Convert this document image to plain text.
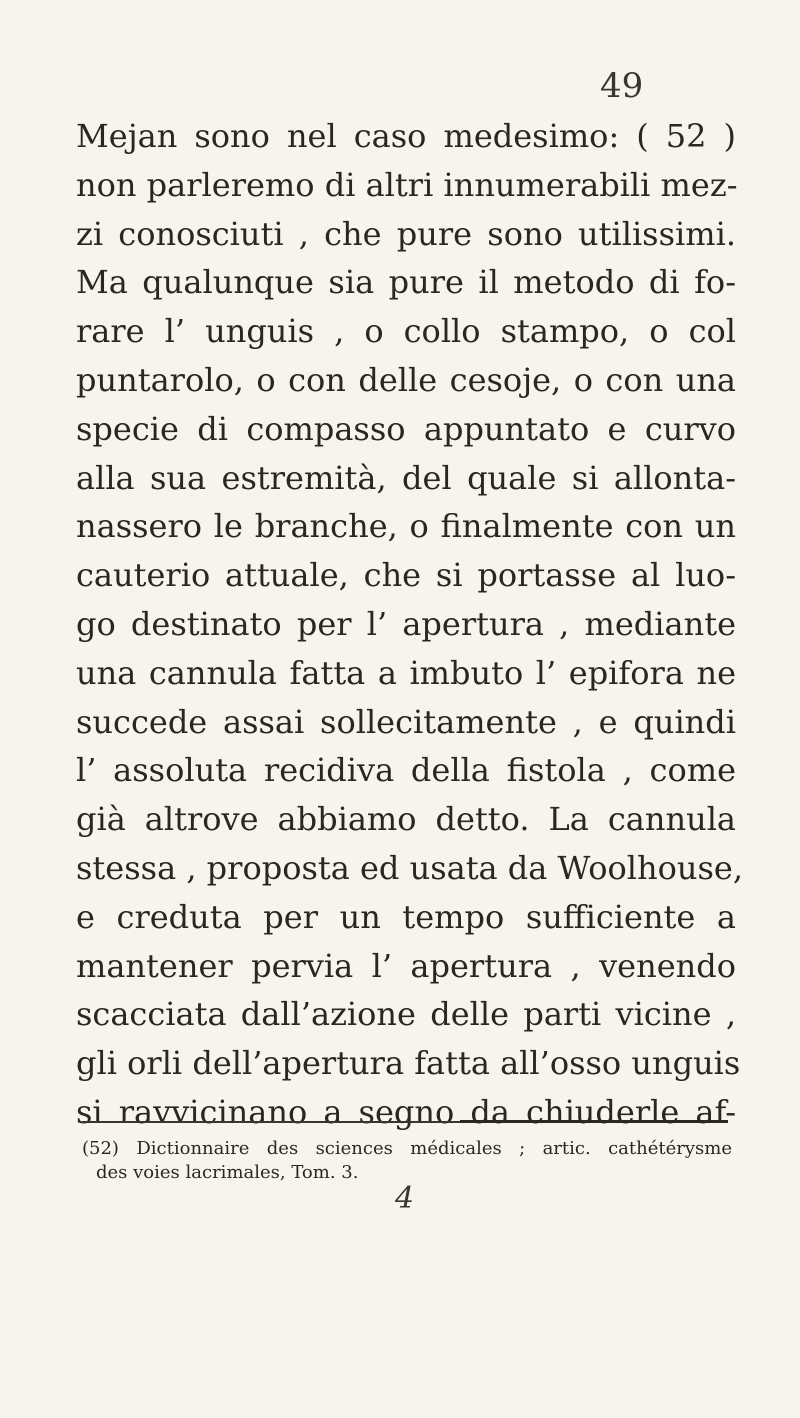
49
Mejan sono nel caso medesimo: ( 52 )
non parleremo di altri innumerabili mez-
zi conosciuti , che pure sono utilissimi.
Ma qualunque sia pure il metodo di fo-
rare l’ unguis , o collo stampo, o col
puntarolo, o con delle cesoje, o con una
specie di compasso appuntato e curvo
alla sua estremità, del quale si allonta-
nassero le branche, o finalmente con un
cauterio attuale, che si portasse al luo-
go destinato per l’ apertura , mediante
una cannula fatta a imbuto l’ epifora ne
succede assai sollecitamente , e quindi
l’ assoluta recidiva della fistola , come
già altrove abbiamo detto. La cannula
stessa , proposta ed usata da Woolhouse,
e creduta per un tempo sufficiente a
mantener pervia l’ apertura , venendo
scacciata dall’azione delle parti vicine ,
gli orli dell’apertura fatta all’osso unguis
si ravvicinano a segno da chiuderle af-
(52) Dictionnaire des sciences médicales ; artic. cathétérysme
des voies lacrimales, Tom. 3.
4
